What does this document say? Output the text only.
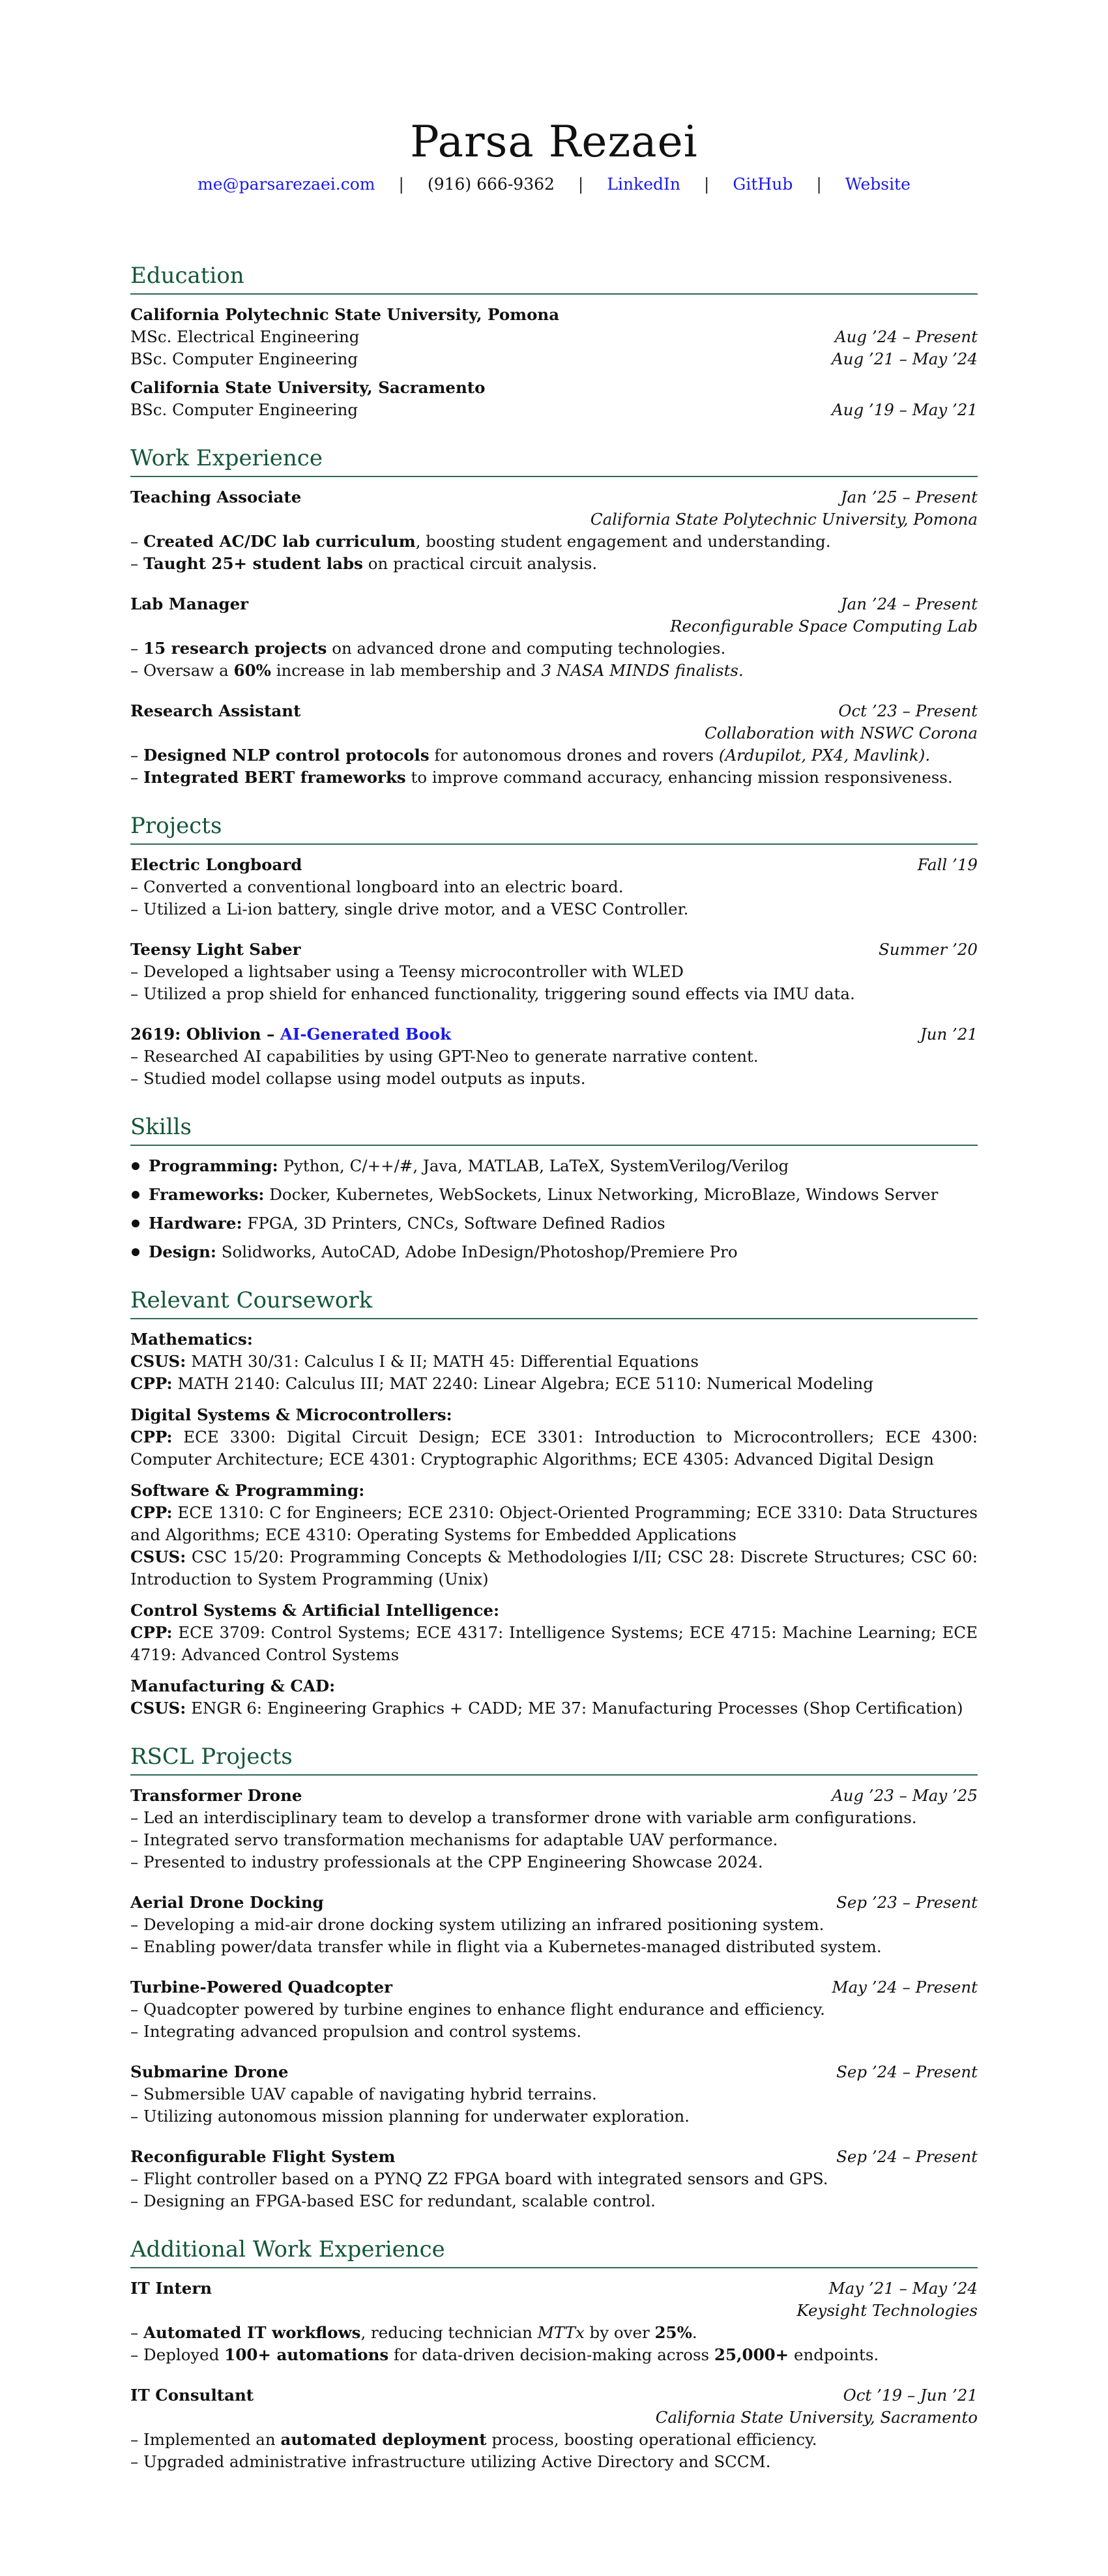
Parsa Rezaei
me@parsarezaei.com | (916) 666-9362 | LinkedIn | GitHub | Website
Education
California Polytechnic State University, Pomona
MSc. Electrical Engineering	Aug ’24 – Present
BSc. Computer Engineering	Aug ’21 – May ’24
California State University, Sacramento
BSc. Computer Engineering	Aug ’19 – May ’21
Work Experience
Teaching Associate	Jan ’25 – Present
California State Polytechnic University, Pomona
– Created AC/DC lab curriculum, boosting student engagement and understanding.
– Taught 25+ student labs on practical circuit analysis.
Lab Manager	Jan ’24 – Present
Reconfigurable Space Computing Lab
– 15 research projects on advanced drone and computing technologies.
– Oversaw a 60% increase in lab membership and 3 NASA MINDS finalists.
Research Assistant	Oct ’23 – Present
Collaboration with NSWC Corona
– Designed NLP control protocols for autonomous drones and rovers (Ardupilot, PX4, Mavlink).
– Integrated BERT frameworks to improve command accuracy, enhancing mission responsiveness.
Projects
Electric Longboard	Fall ’19
– Converted a conventional longboard into an electric board.
– Utilized a Li-ion battery, single drive motor, and a VESC Controller.
Teensy Light Saber	Summer ’20
– Developed a lightsaber using a Teensy microcontroller with WLED
– Utilized a prop shield for enhanced functionality, triggering sound effects via IMU data.
2619: Oblivion – AI-Generated Book	Jun ’21
– Researched AI capabilities by using GPT-Neo to generate narrative content.
– Studied model collapse using model outputs as inputs.
Skills
Programming: Python, C/++/#, Java, MATLAB, LaTeX, SystemVerilog/Verilog
Frameworks: Docker, Kubernetes, WebSockets, Linux Networking, MicroBlaze, Windows Server
Hardware: FPGA, 3D Printers, CNCs, Software Defined Radios
Design: Solidworks, AutoCAD, Adobe InDesign/Photoshop/Premiere Pro
Relevant Coursework
Mathematics:
CSUS: MATH 30/31: Calculus I & II; MATH 45: Differential Equations
CPP: MATH 2140: Calculus III; MAT 2240: Linear Algebra; ECE 5110: Numerical Modeling
Digital Systems & Microcontrollers:
CPP: ECE 3300: Digital Circuit Design; ECE 3301: Introduction to Microcontrollers; ECE 4300: Computer Architecture; ECE 4301: Cryptographic Algorithms; ECE 4305: Advanced Digital Design
Software & Programming:
CPP: ECE 1310: C for Engineers; ECE 2310: Object-Oriented Programming; ECE 3310: Data Structures and Algorithms; ECE 4310: Operating Systems for Embedded Applications
CSUS: CSC 15/20: Programming Concepts & Methodologies I/II; CSC 28: Discrete Structures; CSC 60: Introduction to System Programming (Unix)
Control Systems & Artificial Intelligence:
CPP: ECE 3709: Control Systems; ECE 4317: Intelligence Systems; ECE 4715: Machine Learning; ECE 4719: Advanced Control Systems
Manufacturing & CAD:
CSUS: ENGR 6: Engineering Graphics + CADD; ME 37: Manufacturing Processes (Shop Certification)
RSCL Projects
Transformer Drone	Aug ’23 – May ’25
– Led an interdisciplinary team to develop a transformer drone with variable arm configurations.
– Integrated servo transformation mechanisms for adaptable UAV performance.
– Presented to industry professionals at the CPP Engineering Showcase 2024.
Aerial Drone Docking	Sep ’23 – Present
– Developing a mid-air drone docking system utilizing an infrared positioning system.
– Enabling power/data transfer while in flight via a Kubernetes-managed distributed system.
Turbine-Powered Quadcopter	May ’24 – Present
– Quadcopter powered by turbine engines to enhance flight endurance and efficiency.
– Integrating advanced propulsion and control systems.
Submarine Drone	Sep ’24 – Present
– Submersible UAV capable of navigating hybrid terrains.
– Utilizing autonomous mission planning for underwater exploration.
Reconfigurable Flight System	Sep ’24 – Present
– Flight controller based on a PYNQ Z2 FPGA board with integrated sensors and GPS.
– Designing an FPGA-based ESC for redundant, scalable control.
Additional Work Experience
IT Intern	May ’21 – May ’24
Keysight Technologies
– Automated IT workflows, reducing technician MTTx by over 25%.
– Deployed 100+ automations for data-driven decision-making across 25,000+ endpoints.
IT Consultant	Oct ’19 – Jun ’21
California State University, Sacramento
– Implemented an automated deployment process, boosting operational efficiency.
– Upgraded administrative infrastructure utilizing Active Directory and SCCM.
